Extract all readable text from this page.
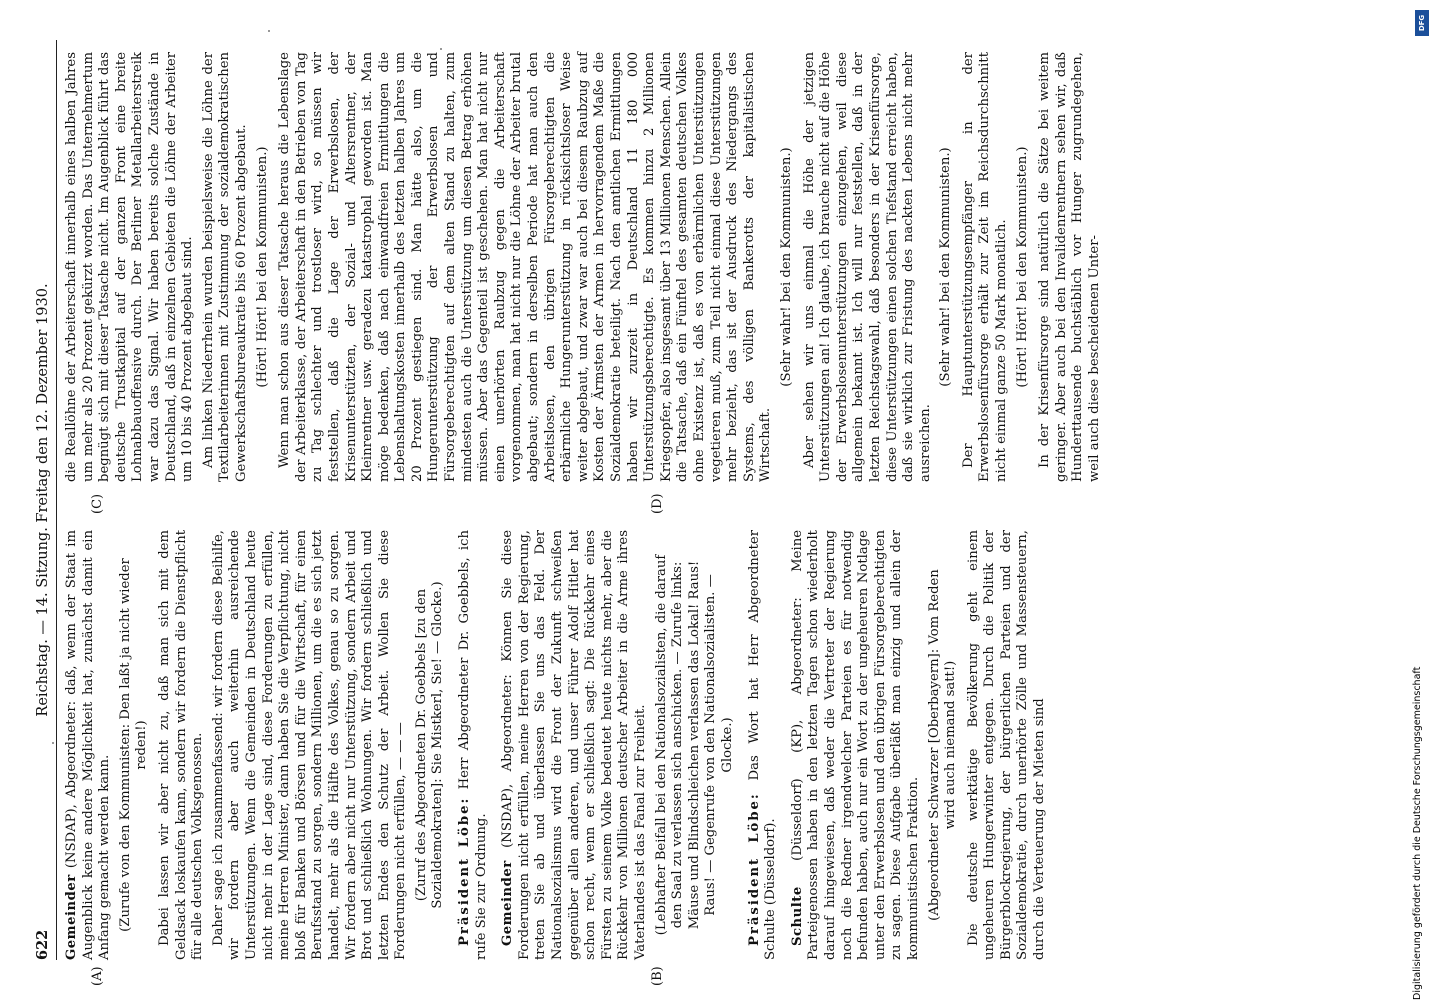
622
Reichstag. — 14. Sitzung. Freitag den 12. Dezember 1930.
(A)	(B)
(C)	(D)

Gemeinder (NSDAP), Abgeordneter: daß, wenn der Staat im Augenblick keine andere Möglichkeit hat, zunächst damit ein Anfang gemacht werden kann. (Zurufe von den Kommunisten: Den laßt ja nicht wieder reden!) Dabei lassen wir aber nicht zu, daß man sich mit dem Geldsack loskaufen kann, sondern wir fordern die Dienstpflicht für alle deutschen Volksgenossen. Daher sage ich zusammenfassend: wir fordern diese Beihilfe, wir fordern aber auch weiterhin ausreichende Unterstützungen. Wenn die Gemeinden in Deutschland heute nicht mehr in der Lage sind, diese Forderungen zu erfüllen, meine Herren Minister, dann haben Sie die Verpflichtung, nicht bloß für Banken und Börsen und für die Wirtschaft, für einen Berufsstand zu sorgen, sondern Millionen, um die es sich jetzt handelt, mehr als die Hälfte des Volkes, genau so zu sorgen. Wir fordern aber nicht nur Unterstützung, sondern Arbeit und Brot und schließlich Wohnungen. Wir fordern schließlich und letzten Endes den Schutz der Arbeit. Wollen Sie diese Forderungen nicht erfüllen, — — — (Zuruf des Abgeordneten Dr. Goebbels [zu den Sozialdemokraten]: Sie Mistkerl, Sie! — Glocke.) Präsident Löbe: Herr Abgeordneter Dr. Goebbels, ich rufe Sie zur Ordnung. Gemeinder (NSDAP), Abgeordneter: Können Sie diese Forderungen nicht erfüllen, meine Herren von der Regierung, treten Sie ab und überlassen Sie uns das Feld. Der Nationalsozialismus wird die Front der Zukunft schweißen gegenüber allen anderen, und unser Führer Adolf Hitler hat schon recht, wenn er schließlich sagt: Die Rückkehr eines Fürsten zu seinem Volke bedeutet heute nichts mehr, aber die Rückkehr von Millionen deutscher Arbeiter in die Arme ihres Vaterlandes ist das Fanal zur Freiheit. (Lebhafter Beifall bei den Nationalsozialisten, die darauf den Saal zu verlassen sich anschicken. — Zurufe links: Mäuse und Blindschleichen verlassen das Lokal! Raus! Raus! — Gegenrufe von den Nationalsozialisten. — Glocke.)

Präsident Löbe: Das Wort hat Herr Abgeordneter Schulte (Düsseldorf). Schulte (Düsseldorf) (KP), Abgeordneter: Meine Parteigenossen haben in den letzten Tagen schon wiederholt darauf hingewiesen, daß weder die Vertreter der Regierung noch die Redner irgendwelcher Parteien es für notwendig befunden haben, auch nur ein Wort zu der ungeheuren Notlage unter den Erwerbslosen und den übrigen Fürsorgeberechtigten zu sagen. Diese Aufgabe überläßt man einzig und allein der kommunistischen Fraktion. (Abgeordneter Schwarzer [Oberbayern]: Vom Reden wird auch niemand satt!) Die deutsche werktätige Bevölkerung geht einem ungeheuren Hungerwinter entgegen. Durch die Politik der Bürgerblockregierung, der bürgerlichen Parteien und der Sozialdemokratie, durch unerhörte Zölle und Massensteuern, durch die Verteuerung der Mieten sind

die Reallöhne der Arbeiterschaft innerhalb eines halben Jahres um mehr als 20 Prozent gekürzt worden. Das Unternehmertum begnügt sich mit dieser Tatsache nicht. Im Augenblick führt das deutsche Trustkapital auf der ganzen Front eine breite Lohnabbauoffensive durch. Der Berliner Metallarbeiterstreik war dazu das Signal. Wir haben bereits solche Zustände in Deutschland, daß in einzelnen Gebieten die Löhne der Arbeiter um 10 bis 40 Prozent abgebaut sind. Am linken Niederrhein wurden beispielsweise die Löhne der Textilarbeiterinnen mit Zustimmung der sozialdemokratischen Gewerkschaftsbureaukratie bis 60 Prozent abgebaut. (Hört! Hört! bei den Kommunisten.) Wenn man schon aus dieser Tatsache heraus die Lebenslage der Arbeiterklasse, der Arbeiterschaft in den Betrieben von Tag zu Tag schlechter und trostloser wird, so müssen wir feststellen, daß die Lage der Erwerbslosen, der Krisenunterstützten, der Sozial- und Altersrentner, der Kleinrentner usw. geradezu katastrophal geworden ist. Man möge bedenken, daß nach einwandfreien Ermittlungen die Lebenshaltungskosten innerhalb des letzten halben Jahres um 20 Prozent gestiegen sind. Man hätte also, um die Hungerunterstützung der Erwerbslosen und Fürsorgeberechtigten auf dem alten Stand zu halten, zum mindesten auch die Unterstützung um diesen Betrag erhöhen müssen. Aber das Gegenteil ist geschehen. Man hat nicht nur einen unerhörten Raubzug gegen die Arbeiterschaft vorgenommen, man hat nicht nur die Löhne der Arbeiter brutal abgebaut; sondern in derselben Periode hat man auch den Arbeitslosen, den übrigen Fürsorgeberechtigten die erbärmliche Hungerunterstützung in rücksichtsloser Weise weiter abgebaut, und zwar war auch bei diesem Raubzug auf Kosten der Ärmsten der Armen in hervorragendem Maße die Sozialdemokratie beteiligt. Nach den amtlichen Ermittlungen haben wir zurzeit in Deutschland 11 180 000 Unterstützungsberechtigte. Es kommen hinzu 2 Millionen Kriegsopfer, also insgesamt über 13 Millionen Menschen. Allein die Tatsache, daß ein Fünftel des gesamten deutschen Volkes ohne Existenz ist, daß es von erbärmlichen Unterstützungen vegetieren muß, zum Teil nicht einmal diese Unterstützungen mehr bezieht, das ist der Ausdruck des Niedergangs des Systems, des völligen Bankerotts der kapitalistischen Wirtschaft.

(Sehr wahr! bei den Kommunisten.) Aber sehen wir uns einmal die Höhe der jetzigen Unterstützungen an! Ich glaube, ich brauche nicht auf die Höhe der Erwerbslosenunterstützungen einzugehen, weil diese allgemein bekannt ist. Ich will nur feststellen, daß in der letzten Reichstagswahl, daß besonders in der Krisenfürsorge, diese Unterstützungen einen solchen Tiefstand erreicht haben, daß sie wirklich zur Fristung des nackten Lebens nicht mehr ausreichen.

(Sehr wahr! bei den Kommunisten.) Der Hauptunterstützungsempfänger in der Erwerbslosenfürsorge erhält zur Zeit im Reichsdurchschnitt nicht einmal ganze 50 Mark monatlich. (Hört! Hört! bei den Kommunisten.) In der Krisenfürsorge sind natürlich die Sätze bei weitem geringer. Aber auch bei den Invalidenrentnern sehen wir, daß Hunderttausende buchstäblich vor Hunger zugrundegehen, weil auch diese bescheidenen Unter-

Digitalisierung gefördert durch die Deutsche Forschungsgemeinschaft
DFG
